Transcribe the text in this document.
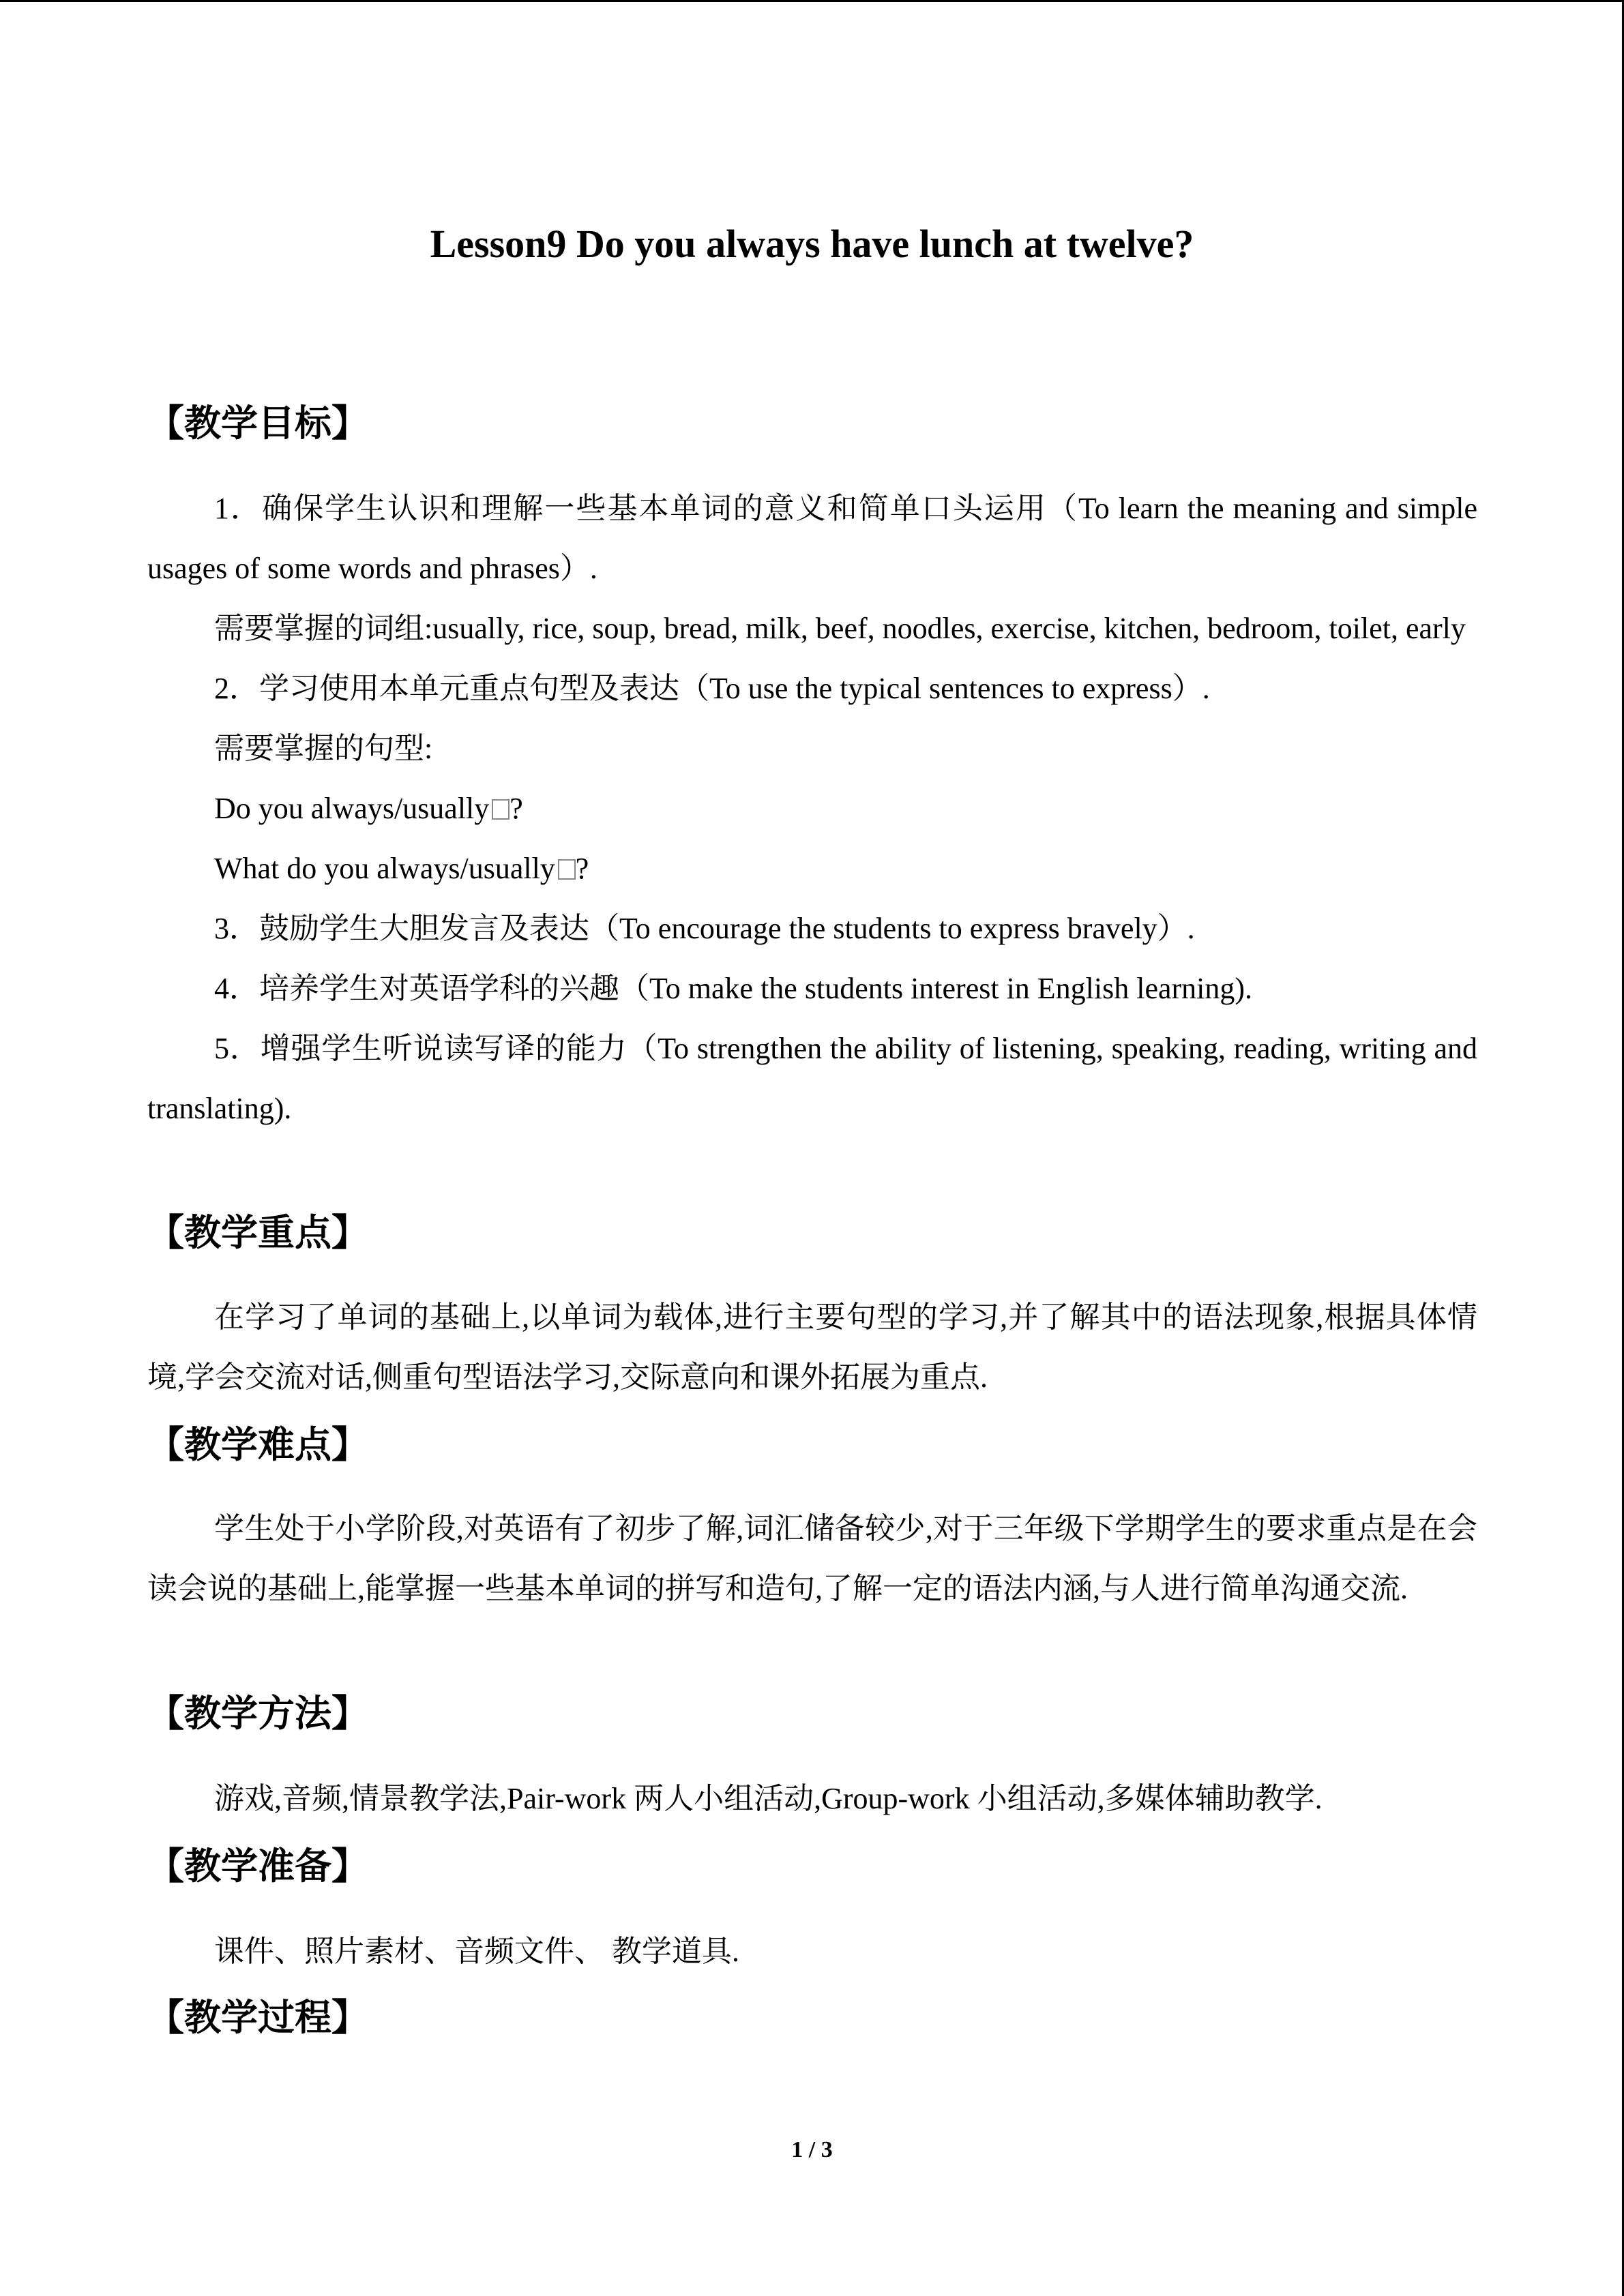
Lesson9 Do you always have lunch at twelve?
【教学目标】

1．确保学生认识和理解一些基本单词的意义和简单口头运用（To learn the meaning and simple usages of some words and phrases）.

需要掌握的词组:usually, rice, soup, bread, milk, beef, noodles, exercise, kitchen, bedroom, toilet, early

2．学习使用本单元重点句型及表达（To use the typical sentences to express）.

需要掌握的句型:

Do you always/usually ?

What do you always/usually ?

3．鼓励学生大胆发言及表达（To encourage the students to express bravely）.

4．培养学生对英语学科的兴趣（To make the students interest in English learning).

5．增强学生听说读写译的能力（To strengthen the ability of listening, speaking, reading, writing and translating).

【教学重点】

在学习了单词的基础上,以单词为载体,进行主要句型的学习,并了解其中的语法现象,根据具体情境,学会交流对话,侧重句型语法学习,交际意向和课外拓展为重点.

【教学难点】

学生处于小学阶段,对英语有了初步了解,词汇储备较少,对于三年级下学期学生的要求重点是在会读会说的基础上,能掌握一些基本单词的拼写和造句,了解一定的语法内涵,与人进行简单沟通交流.

【教学方法】

游戏,音频,情景教学法,Pair-work 两人小组活动,Group-work 小组活动,多媒体辅助教学.

【教学准备】

课件、照片素材、音频文件、 教学道具.

【教学过程】
1 / 3
